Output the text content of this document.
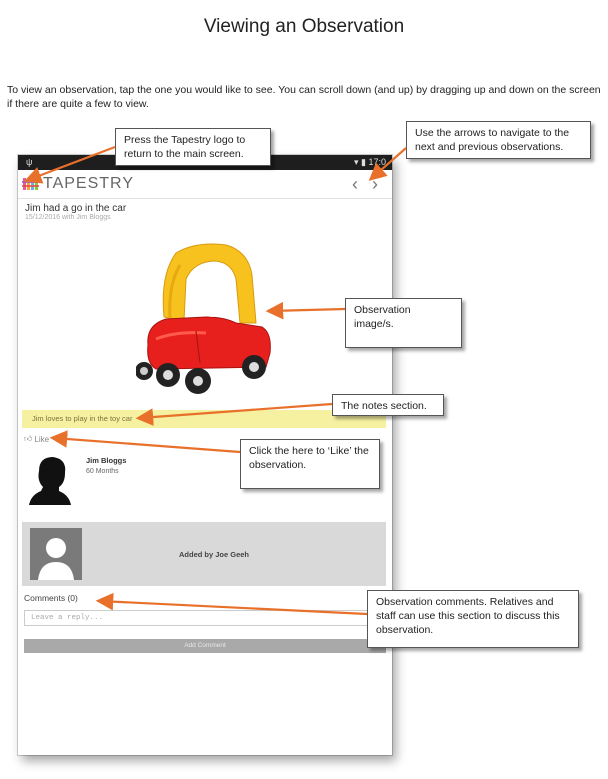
Viewing an Observation
To view an observation, tap the one you would like to see. You can scroll down (and up) by dragging up and down on the screen if there are quite a few to view.
ψ	▾ ▮ 17:0
TAPESTRY	‹ ›
Jim had a go in the car
15/12/2016 with Jim Bloggs
Jim loves to play in the toy car
👍︎ Like
Jim Bloggs
60 Months
Added by Joe Geeh
Comments (0)
Leave a reply...
Add Comment
Press the Tapestry logo to return to the main screen.
Use the arrows to navigate to the next and previous observations.
Observation image/s.
The notes section.
Click the here to ‘Like’ the observation.
Observation comments. Relatives and staff can use this section to discuss this observation.
